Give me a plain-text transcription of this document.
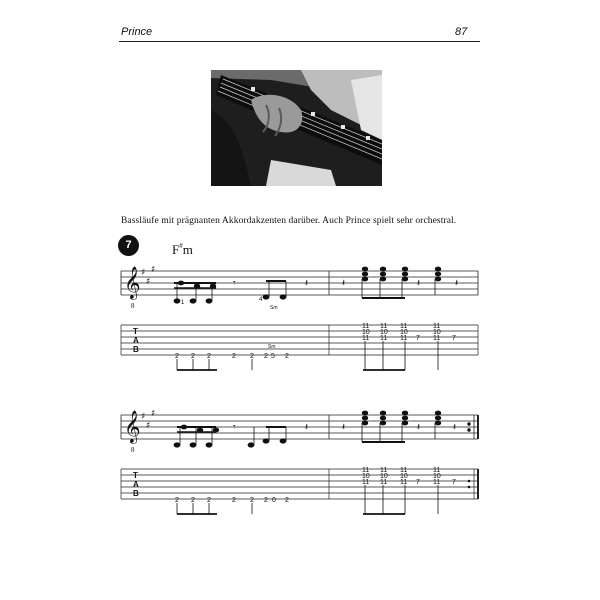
Prince	87
Bassläufe mit prägnanten Akkordakzenten darüber. Auch Prince spielt sehr orchestral.
7	F#m
𝄞
8
♯
♯
♯
1
𝄾
4
Sm
𝄽	𝄽	𝄽	𝄽
T
A
B
2 2 2	2 2 2 5 2
Sm
11 11 11	11
10 10 10	10
11 11 11	11
7	7
𝄞
8
♯
♯
♯
𝄾	𝄽	𝄽	𝄽	𝄽
T
A
B
2 2 2	2 2 2 0 2
11 11 11	11
10 10 10	10
11 11 11	11
7	7
